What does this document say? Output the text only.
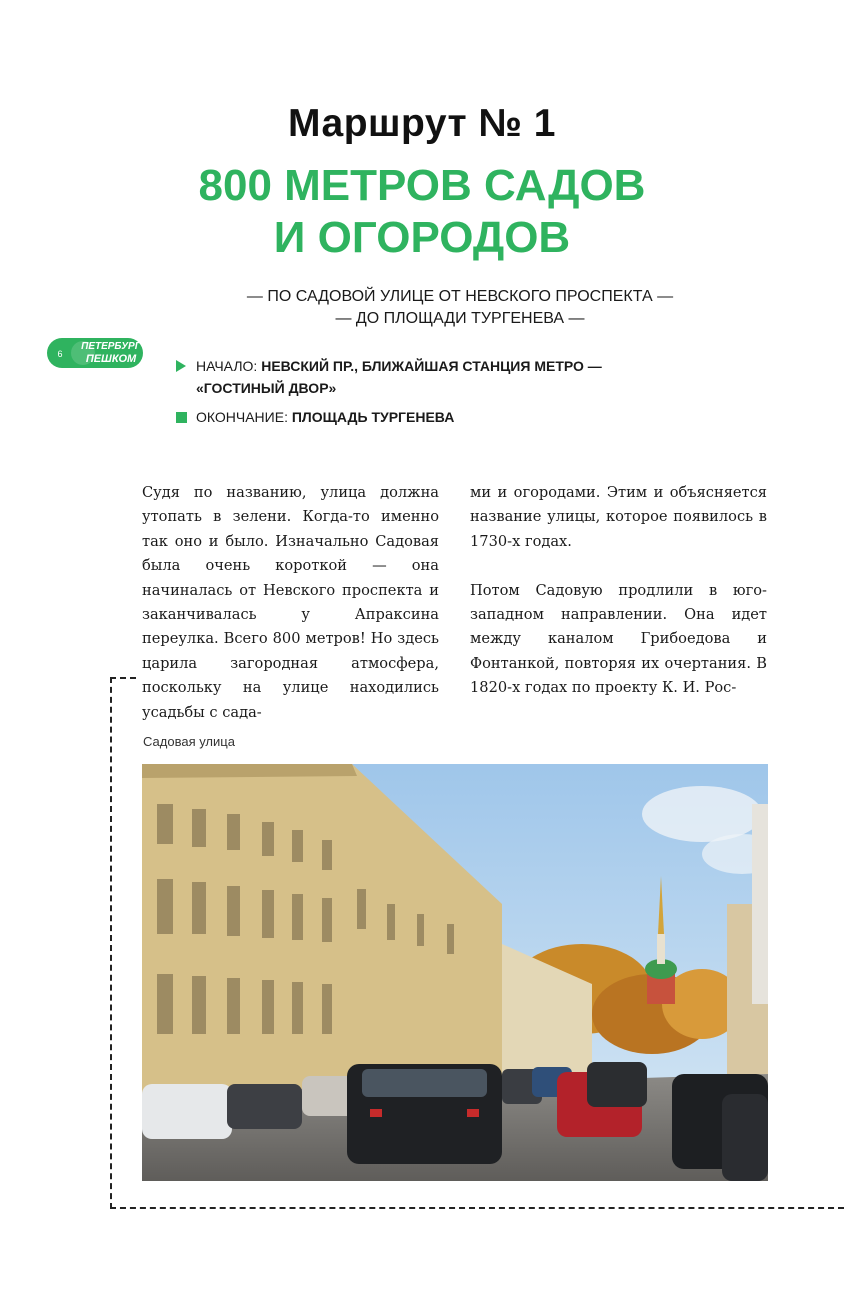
Маршрут № 1
800 МЕТРОВ САДОВ
И ОГОРОДОВ
— ПО САДОВОЙ УЛИЦЕ ОТ НЕВСКОГО ПРОСПЕКТА —
— ДО ПЛОЩАДИ ТУРГЕНЕВА —
6
ПЕТЕРБУРГ
ПЕШКОМ	НАЧАЛО: НЕВСКИЙ ПР., БЛИЖАЙШАЯ СТАНЦИЯ МЕТРО — «ГОСТИНЫЙ ДВОР»
ОКОНЧАНИЕ: ПЛОЩАДЬ ТУРГЕНЕВА

Судя по названию, улица должна утопать в зелени. Когда-то именно так оно и было. Изначально Садовая была очень короткой — она начиналась от Невского проспекта и заканчивалась у Апраксина переулка. Всего 800 метров! Но здесь царила загородная атмосфера, поскольку на улице находились усадьбы с сада-

ми и огородами. Этим и объясняется название улицы, которое появилось в 1730-х годах.

Потом Садовую продлили в юго-западном направлении. Она идет между каналом Грибоедова и Фонтанкой, повторяя их очертания. В 1820-х годах по проекту К. И. Рос-

Садовая улица
